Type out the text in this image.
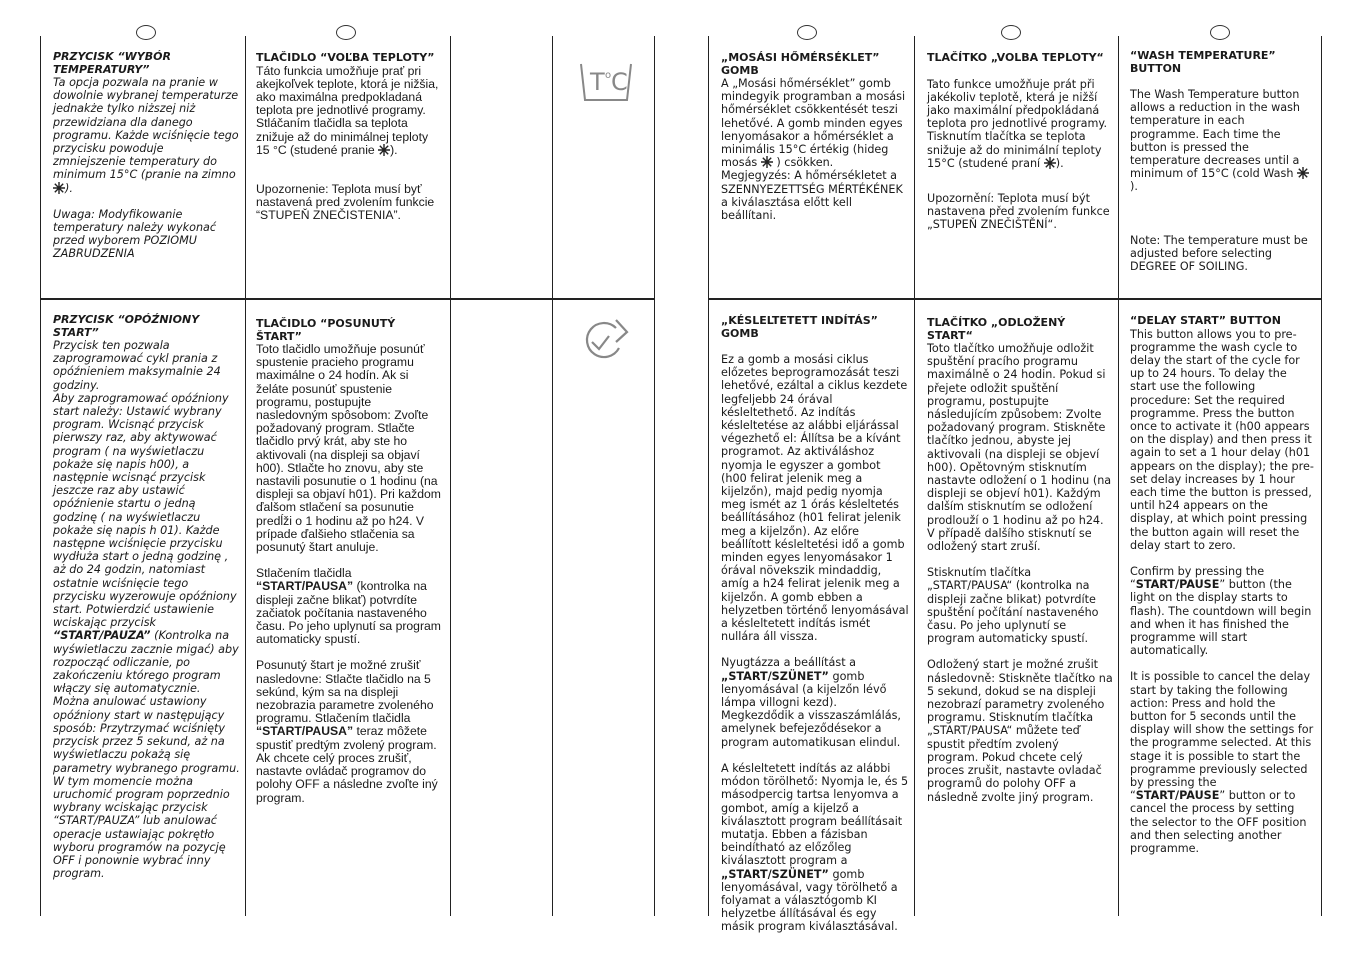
T o C

PRZYCISK “WYBÓR TEMPERATURY”

Ta opcja pozwala na pranie w dowolnie wybranej temperaturze jednakże tylko niższej niż przewidziana dla danego programu. Każde wciśnięcie tego przycisku powoduje zmniejszenie temperatury do minimum 15°C (pranie na zimno ).

Uwaga: Modyfikowanie temperatury należy wykonać przed wyborem POZIOMU ZABRUDZENIA

TLAČIDLO “VOĽBA TEPLOTY”

Táto funkcia umožňuje prať pri akejkoľvek teplote, ktorá je nižšia, ako maximálna predpokladaná teplota pre jednotlivé programy. Stláčaním tlačidla sa teplota znižuje až do minimálnej teploty 15 °C (studené pranie ).

Upozornenie: Teplota musí byť nastavená pred zvolením funkcie “STUPEŇ ZNEČISTENIA”.

„MOSÁSI HŐMÉRSÉKLET” GOMB

A „Mosási hőmérséklet” gomb mindegyik programban a mosási hőmérséklet csökkentését teszi lehetővé. A gomb minden egyes lenyomásakor a hőmérséklet a minimális 15°C értékig (hideg mosás ) csökken.

Megjegyzés: A hőmérsékletet a SZENNYEZETTSÉG MÉRTÉKÉNEK a kiválasztása előtt kell beállítani.

TLAČÍTKO „VOLBA TEPLOTY“

Tato funkce umožňuje prát při jakékoliv teplotě, která je nižší jako maximální předpokládaná teplota pro jednotlivé programy. Tisknutím tlačítka se teplota snižuje až do minimální teploty 15°C (studené praní ).

Upozornění: Teplota musí být nastavena před zvolením funkce „STUPEŇ ZNEČIŠTĚNÍ“.

“WASH TEMPERATURE” BUTTON

The Wash Temperature button allows a reduction in the wash temperature in each programme. Each time the button is pressed the temperature decreases until a minimum of 15°C (cold Wash ).

Note: The temperature must be adjusted before selecting DEGREE OF SOILING.

PRZYCISK “OPÓŹNIONY START”

Przycisk ten pozwala zaprogramować cykl prania z opóźnieniem maksymalnie 24 godziny.

Aby zaprogramować opóźniony start należy: Ustawić wybrany program. Wcisnąć przycisk pierwszy raz, aby aktywować program ( na wyświetlaczu pokaże się napis h00), a następnie wcisnąć przycisk jeszcze raz aby ustawić opóźnienie startu o jedną godzinę ( na wyświetlaczu pokaże się napis h 01). Każde następne wciśnięcie przycisku wydłuża start o jedną godzinę , aż do 24 godzin, natomiast ostatnie wciśnięcie tego przycisku wyzerowuje opóźniony start. Potwierdzić ustawienie wciskając przycisk “START/PAUZA” (Kontrolka na wyświetlaczu zacznie migać) aby rozpocząć odliczanie, po zakończeniu którego program włączy się automatycznie.

Można anulować ustawiony opóźniony start w następujący sposób: Przytrzymać wciśnięty przycisk przez 5 sekund, aż na wyświetlaczu pokażą się parametry wybranego programu. W tym momencie można uruchomić program poprzednio wybrany wciskając przycisk “START/PAUZA” lub anulować operacje ustawiając pokrętło wyboru programów na pozycję OFF i ponownie wybrać inny program.

TLAČIDLO “POSUNUTÝ ŠTART”

Toto tlačidlo umožňuje posunúť spustenie pracieho programu maximálne o 24 hodín. Ak si želáte posunúť spustenie programu, postupujte nasledovným spôsobom: Zvoľte požadovaný program. Stlačte tlačidlo prvý krát, aby ste ho aktivovali (na displeji sa objaví h00). Stlačte ho znovu, aby ste nastavili posunutie o 1 hodinu (na displeji sa objaví h01). Pri každom ďalšom stlačení sa posunutie predĺži o 1 hodinu až po h24. V prípade ďalšieho stlačenia sa posunutý štart anuluje.

Stlačením tlačidla “START/PAUSA” (kontrolka na displeji začne blikať) potvrdíte začiatok počítania nastaveného času. Po jeho uplynutí sa program automaticky spustí.

Posunutý štart je možné zrušiť nasledovne: Stlačte tlačidlo na 5 sekúnd, kým sa na displeji nezobrazia parametre zvoleného programu. Stlačením tlačidla “START/PAUSA” teraz môžete spustiť predtým zvolený program. Ak chcete celý proces zrušiť, nastavte ovládač programov do polohy OFF a následne zvoľte iný program.

„KÉSLELTETETT INDÍTÁS” GOMB

Ez a gomb a mosási ciklus előzetes beprogramozását teszi lehetővé, ezáltal a ciklus kezdete legfeljebb 24 órával késleltethető. Az indítás késleltetése az alábbi eljárással végezhető el: Állítsa be a kívánt programot. Az aktiváláshoz nyomja le egyszer a gombot (h00 felirat jelenik meg a kijelzőn), majd pedig nyomja meg ismét az 1 órás késleltetés beállításához (h01 felirat jelenik meg a kijelzőn). Az előre beállított késleltetési idő a gomb minden egyes lenyomásakor 1 órával növekszik mindaddig, amíg a h24 felirat jelenik meg a kijelzőn. A gomb ebben a helyzetben történő lenyomásával a késleltetett indítás ismét nullára áll vissza.

Nyugtázza a beállítást a „START/SZÜNET” gomb lenyomásával (a kijelzőn lévő lámpa villogni kezd). Megkezdődik a visszaszámlálás, amelynek befejeződésekor a program automatikusan elindul.

A késleltetett indítás az alábbi módon törölhető: Nyomja le, és 5 másodpercig tartsa lenyomva a gombot, amíg a kijelző a kiválasztott program beállításait mutatja. Ebben a fázisban beindítható az előzőleg kiválasztott program a „START/SZÜNET” gomb lenyomásával, vagy törölhető a folyamat a választógomb KI helyzetbe állításával és egy másik program kiválasztásával.

TLAČÍTKO „ODLOŽENÝ START“

Toto tlačítko umožňuje odložit spuštění pracího programu maximálně o 24 hodin. Pokud si přejete odložit spuštění programu, postupujte následujícím způsobem: Zvolte požadovaný program. Stiskněte tlačítko jednou, abyste jej aktivovali (na displeji se objeví h00). Opětovným stisknutím nastavte odložení o 1 hodinu (na displeji se objeví h01). Každým dalším stisknutím se odložení prodlouží o 1 hodinu až po h24. V případě dalšího stisknutí se odložený start zruší.

Stisknutím tlačítka „START/PAUSA“ (kontrolka na displeji začne blikat) potvrdíte spuštění počítání nastaveného času. Po jeho uplynutí se program automaticky spustí.

Odložený start je možné zrušit následovně: Stiskněte tlačítko na 5 sekund, dokud se na displeji nezobrazí parametry zvoleného programu. Stisknutím tlačítka „START/PAUSA“ můžete teď spustit předtím zvolený program. Pokud chcete celý proces zrušit, nastavte ovladač programů do polohy OFF a následně zvolte jiný program.

“DELAY START” BUTTON

This button allows you to pre-programme the wash cycle to delay the start of the cycle for up to 24 hours. To delay the start use the following procedure: Set the required programme. Press the button once to activate it (h00 appears on the display) and then press it again to set a 1 hour delay (h01 appears on the display); the pre-set delay increases by 1 hour each time the button is pressed, until h24 appears on the display, at which point pressing the button again will reset the delay start to zero.

Confirm by pressing the “START/PAUSE” button (the light on the display starts to flash). The countdown will begin and when it has finished the programme will start automatically.

It is possible to cancel the delay start by taking the following action: Press and hold the button for 5 seconds until the display will show the settings for the programme selected. At this stage it is possible to start the programme previously selected by pressing the “START/PAUSE” button or to cancel the process by setting the selector to the OFF position and then selecting another programme.
